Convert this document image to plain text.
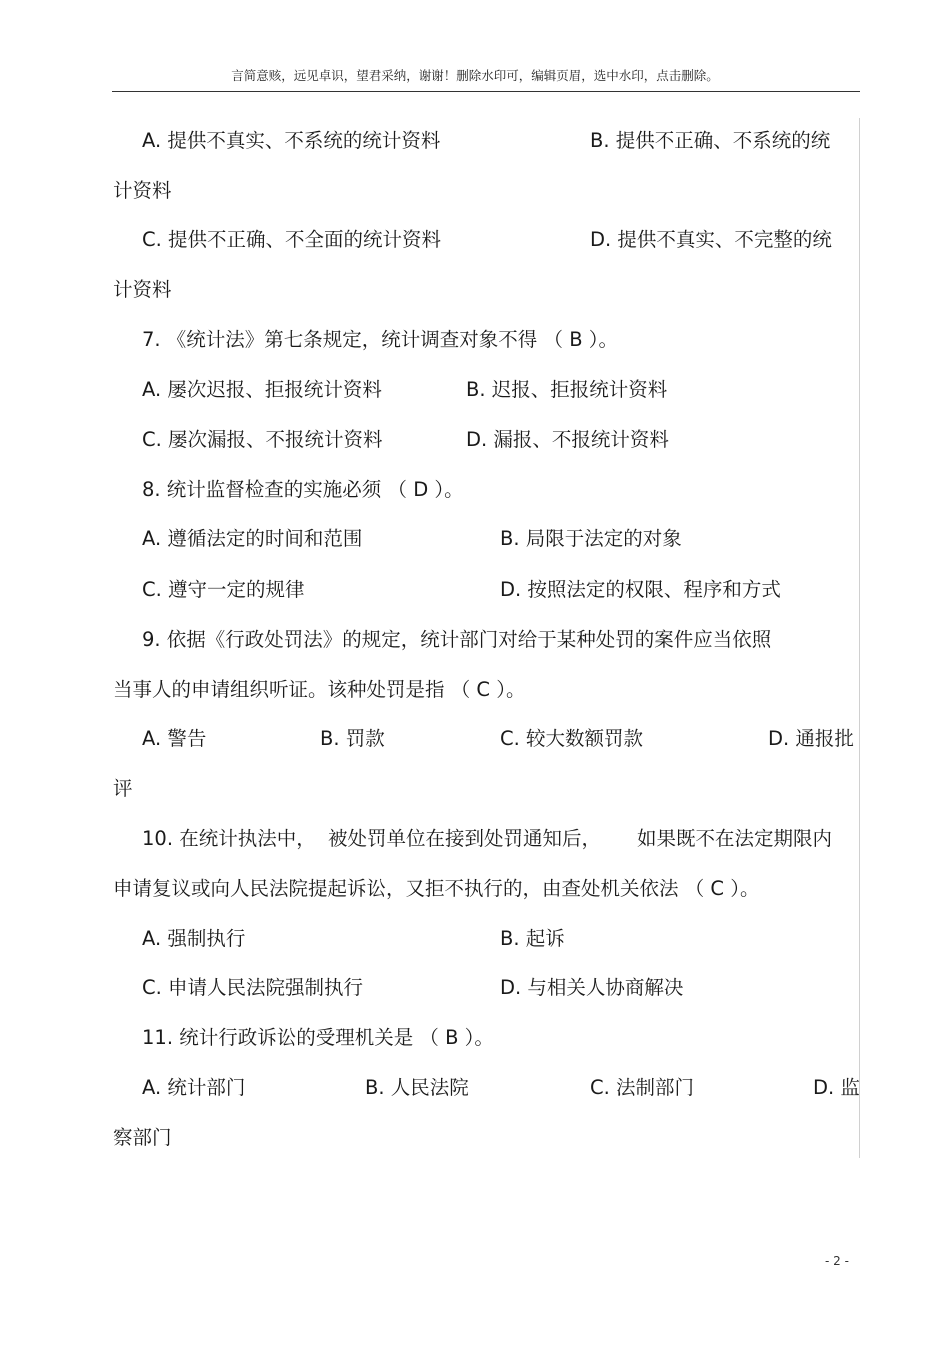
言简意赅，远见卓识，望君采纳，谢谢！删除水印可，编辑页眉，选中水印，点击删除。
A. 提供不真实、不系统的统计资料	B. 提供不正确、不系统的统
计资料
C. 提供不正确、不全面的统计资料	D. 提供不真实、不完整的统
计资料
7. 《统计法》第七条规定，统计调查对象不得 （ B ）。
A. 屡次迟报、拒报统计资料	B. 迟报、拒报统计资料
C. 屡次漏报、不报统计资料	D. 漏报、不报统计资料
8. 统计监督检查的实施必须 （ D ）。
A. 遵循法定的时间和范围	B. 局限于法定的对象
C. 遵守一定的规律	D. 按照法定的权限、程序和方式
9. 依据《行政处罚法》的规定，统计部门对给于某种处罚的案件应当依照
当事人的申请组织听证。该种处罚是指 （ C ）。
A. 警告	B. 罚款	C. 较大数额罚款	D. 通报批
评
10. 在统计执法中， 被处罚单位在接到处罚通知后， 如果既不在法定期限内
申请复议或向人民法院提起诉讼，又拒不执行的，由查处机关依法 （ C ）。
A. 强制执行	B. 起诉
C. 申请人民法院强制执行	D. 与相关人协商解决
11. 统计行政诉讼的受理机关是 （ B ）。
A. 统计部门	B. 人民法院	C. 法制部门	D. 监
察部门
- 2 -
